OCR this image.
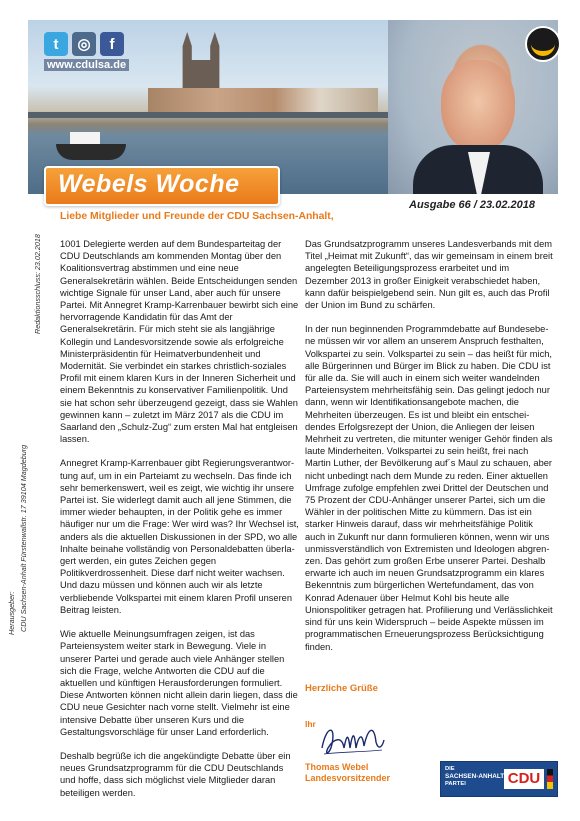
t	◎	f
www.cdulsa.de
Webels Woche
Ausgabe 66 / 23.02.2018
Liebe Mitglieder und Freunde der CDU Sachsen-Anhalt,

1001 Delegierte werden auf dem Bundesparteitag der CDU Deutschlands am kommenden Montag über den Koalitionsvertrag abstimmen und eine neue Generalsekretärin wählen. Beide Entscheidungen senden wichtige Signale für unser Land, aber auch für unsere Partei. Mit Annegret Kramp-Karrenbauer bewirbt sich eine hervorragende Kandidatin für das Amt der Generalsekretärin. Für mich steht sie als langjährige Kollegin und Landesvorsitzende sowie als erfolgreiche Ministerpräsidentin für Heimatverbundenheit und Modernität. Sie verbindet ein starkes christlich-soziales Profil mit einem klaren Kurs in der Inneren Sicherheit und einem Bekenntnis zu konservativer Familienpolitik. Und sie hat schon sehr überzeugend gezeigt, dass sie Wahlen gewinnen kann – zuletzt im März 2017 als die CDU im Saarland den „Schulz-Zug“ zum ersten Mal hat entgleisen lassen.

Annegret Kramp-Karrenbauer gibt Regierungsverantwortung auf, um in ein Parteiamt zu wechseln. Das finde ich sehr bemerkenswert, weil es zeigt, wie wichtig ihr unsere Partei ist. Sie widerlegt damit auch all jene Stimmen, die immer wieder behaupten, in der Politik gehe es immer häufiger nur um die Frage: Wer wird was? Ihr Wechsel ist, anders als die aktuellen Diskussionen in der SPD, wo alle Inhalte beinahe vollständig von Personaldebatten überlagert werden, ein gutes Zeichen gegen Politikverdrossenheit. Diese darf nicht weiter wachsen. Und dazu müssen und können auch wir als letzte verbliebende Volkspartei mit einem klaren Profil unseren Beitrag leisten.

Wie aktuelle Meinungsumfragen zeigen, ist das Parteiensystem weiter stark in Bewegung. Viele in unserer Partei und gerade auch viele Anhänger stellen sich die Frage, welche Antworten die CDU auf die aktuellen und künftigen Herausforderungen formuliert. Diese Antworten können nicht allein darin liegen, dass die CDU neue Gesichter nach vorne stellt. Vielmehr ist eine intensive Debatte über unseren Kurs und die Gestaltungsvorschläge für unser Land erforderlich.

Deshalb begrüße ich die angekündigte Debatte über ein neues Grundsatzprogramm für die CDU Deutschlands und hoffe, dass sich möglichst viele Mitglieder daran beteiligen werden.

Das Grundsatzprogramm unseres Landesverbands mit dem Titel „Heimat mit Zukunft“, das wir gemeinsam in einem breit angelegten Beteiligungsprozess erarbeitet und im Dezember 2013 in großer Einigkeit verabschiedet haben, kann dafür beispielgebend sein. Nun gilt es, auch das Profil der Union im Bund zu schärfen.

In der nun beginnenden Programmdebatte auf Bundesebene müssen wir vor allem an unserem Anspruch festhalten, Volkspartei zu sein. Volkspartei zu sein – das heißt für mich, alle Bürgerinnen und Bürger im Blick zu haben. Die CDU ist für alle da. Sie will auch in einem sich weiter wandelnden Parteiensystem mehrheitsfähig sein. Das gelingt jedoch nur dann, wenn wir Identifikationsangebote machen, die Mehrheiten überzeugen. Es ist und bleibt ein entscheidendes Erfolgsrezept der Union, die Anliegen der leisen Mehrheit zu vertreten, die mitunter weniger Gehör finden als laute Minderheiten. Volkspartei zu sein heißt, frei nach Martin Luther, der Bevölkerung auf´s Maul zu schauen, aber nicht unbedingt nach dem Munde zu reden. Einer aktuellen Umfrage zufolge empfehlen zwei Drittel der Deutschen und 75 Prozent der CDU-Anhänger unserer Partei, sich um die Wähler in der politischen Mitte zu kümmern. Das ist ein starker Hinweis darauf, dass wir mehrheitsfähige Politik auch in Zukunft nur dann formulieren können, wenn wir uns unmissverständlich von Extremisten und Ideologen abgrenzen. Das gehört zum großen Erbe unserer Partei. Deshalb erwarte ich auch im neuen Grundsatzprogramm ein klares Bekenntnis zum bürgerlichen Wertefundament, das von Konrad Adenauer über Helmut Kohl bis heute alle Unionspolitiker getragen hat. Profilierung und Verlässlichkeit sind für uns kein Widerspruch – beide Aspekte müssen im programmatischen Erneuerungsprozess Berücksichtigung finden.

Redaktionsschluss: 23.02.2018
Herausgeber: CDU Sachsen-Anhalt Fürstenwallstr. 17 39104 Magdeburg
Herzliche Grüße
Ihr
Thomas Webel
Landesvorsitzender
DIE
SACHSEN-ANHALT
PARTEI	CDU
